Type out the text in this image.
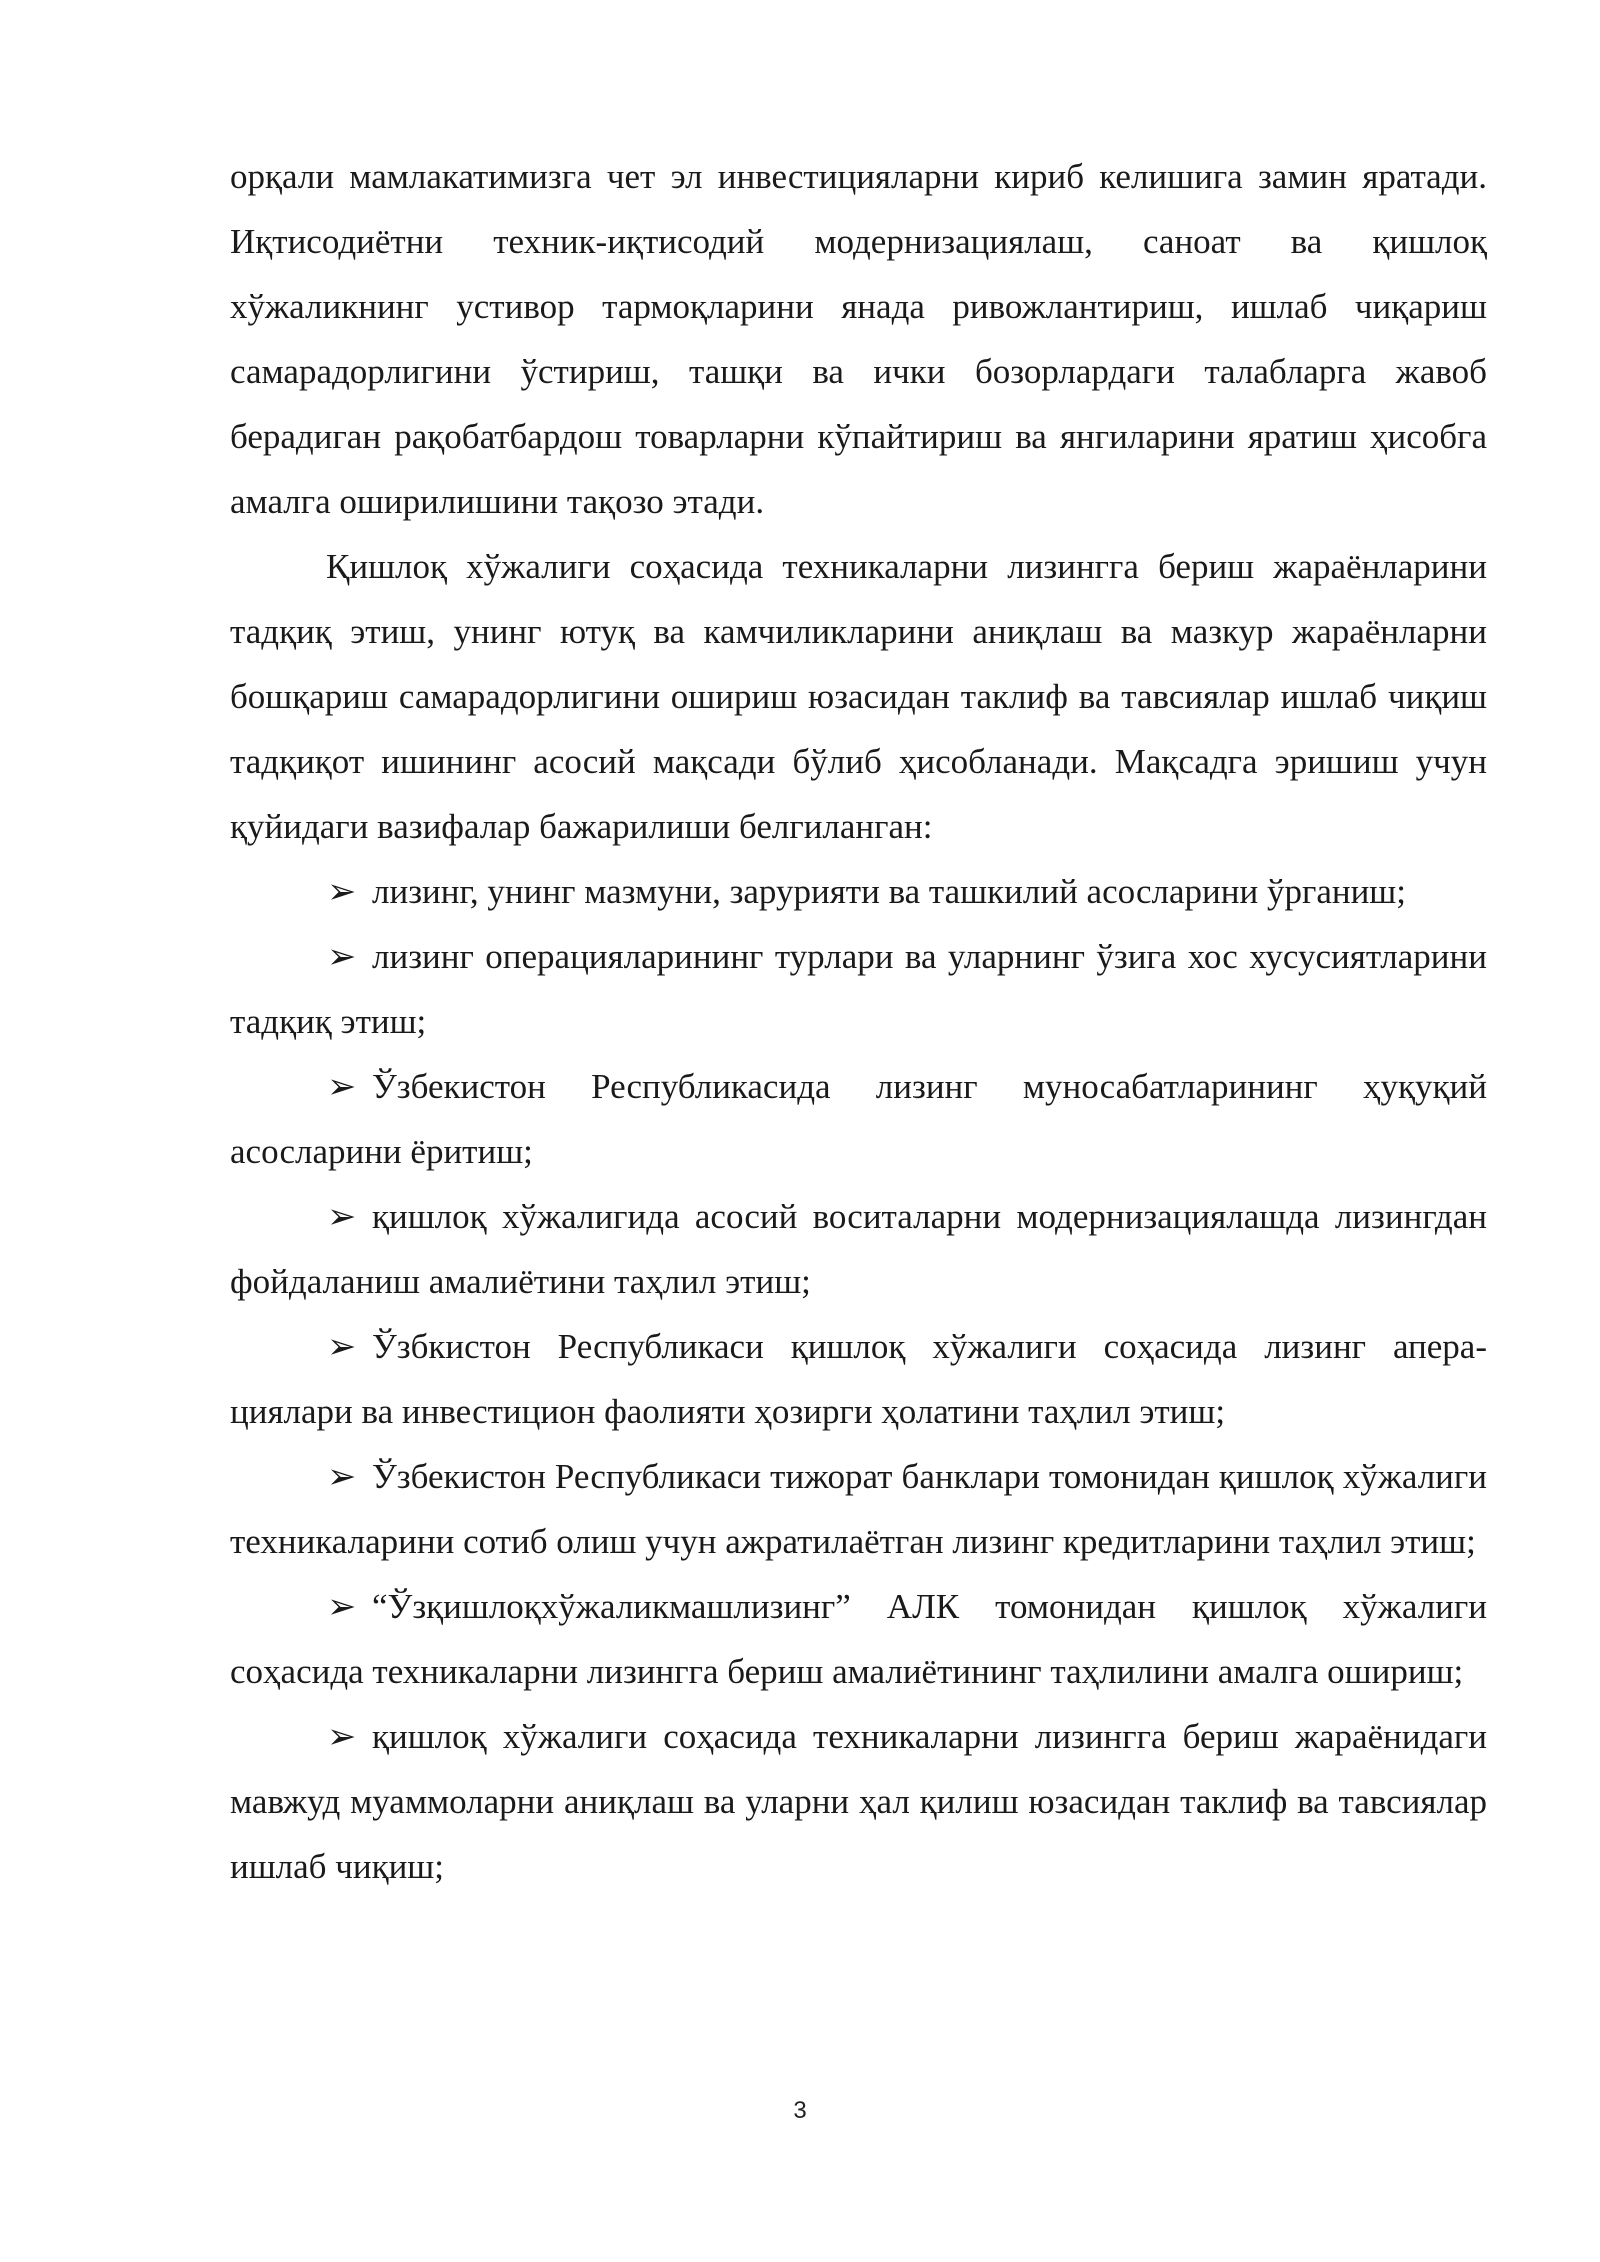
орқали мамлакатимизга чет эл инвестицияларни кириб келишига замин яратади. Иқтисодиётни техник-иқтисодий модернизациялаш, саноат ва қишлоқ хўжаликнинг устивор тармоқларини янада ривожлантириш, ишлаб чиқариш самарадорлигини ўстириш, ташқи ва ички бозорлардаги талабларга жавоб берадиган рақобатбардош товарларни кўпайтириш ва янгиларини яратиш ҳисобга амалга оширилишини тақозо этади.

Қишлоқ хўжалиги соҳасида техникаларни лизингга бериш жараёнларини тадқиқ этиш, унинг ютуқ ва камчиликларини аниқлаш ва мазкур жараёнларни бошқариш самарадорлигини ошириш юзасидан таклиф ва тавсиялар ишлаб чиқиш тадқиқот ишининг асосий мақсади бўлиб ҳисобланади. Мақсадга эришиш учун қуйидаги вазифалар бажарилиши белгиланган:

➢ лизинг, унинг мазмуни, зарурияти ва ташкилий асосларини ўрганиш;

➢ лизинг операцияларининг турлари ва уларнинг ўзига хос хусусиятларини тадқиқ этиш;

➢ Ўзбекистон Республикасида лизинг муносабатларининг ҳуқуқий асосларини ёритиш;

➢ қишлоқ хўжалигида асосий воситаларни модернизациялашда лизингдан фойдаланиш амалиётини таҳлил этиш;

➢ Ўзбкистон Республикаси қишлоқ хўжалиги соҳасида лизинг аперациялари ва инвестицион фаолияти ҳозирги ҳолатини таҳлил этиш;

➢ Ўзбекистон Республикаси тижорат банклари томонидан қишлоқ хўжалиги техникаларини сотиб олиш учун ажратилаётган лизинг кредитларини таҳлил этиш;

➢ “Ўзқишлоқхўжаликмашлизинг” АЛК томонидан қишлоқ хўжалиги соҳасида техникаларни лизингга бериш амалиётининг таҳлилини амалга ошириш;

➢ қишлоқ хўжалиги соҳасида техникаларни лизингга бериш жараёнидаги мавжуд муаммоларни аниқлаш ва уларни ҳал қилиш юзасидан таклиф ва тавсиялар ишлаб чиқиш;

3
